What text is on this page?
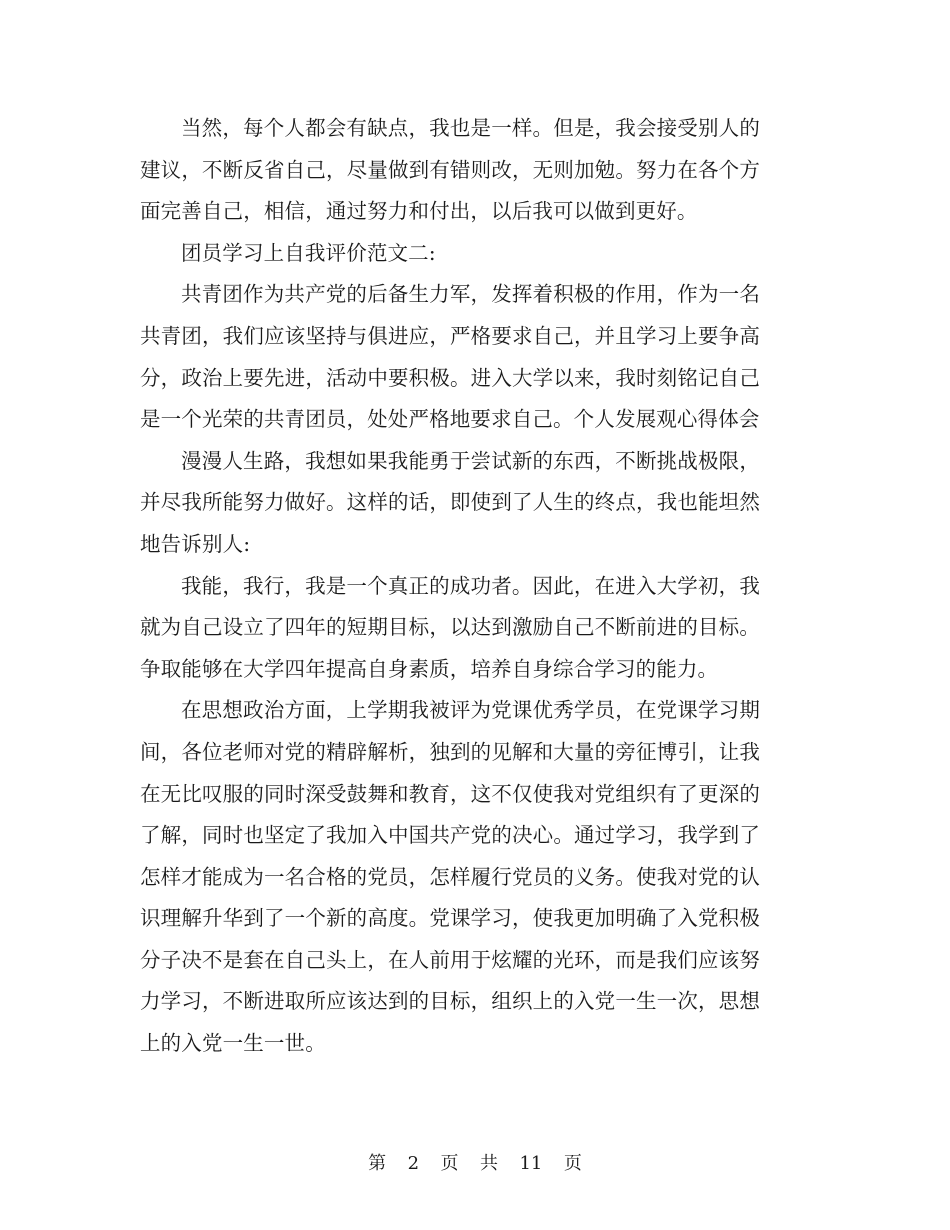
当然，每个人都会有缺点，我也是一样。但是，我会接受别人的建议，不断反省自己，尽量做到有错则改，无则加勉。努力在各个方面完善自己，相信，通过努力和付出，以后我可以做到更好。

团员学习上自我评价范文二:

共青团作为共产党的后备生力军，发挥着积极的作用，作为一名共青团，我们应该坚持与俱进应，严格要求自己，并且学习上要争高分，政治上要先进，活动中要积极。进入大学以来，我时刻铭记自己是一个光荣的共青团员，处处严格地要求自己。个人发展观心得体会

漫漫人生路，我想如果我能勇于尝试新的东西，不断挑战极限，并尽我所能努力做好。这样的话，即使到了人生的终点，我也能坦然地告诉别人:

我能，我行，我是一个真正的成功者。因此，在进入大学初，我就为自己设立了四年的短期目标，以达到激励自己不断前进的目标。争取能够在大学四年提高自身素质，培养自身综合学习的能力。

在思想政治方面，上学期我被评为党课优秀学员，在党课学习期间，各位老师对党的精辟解析，独到的见解和大量的旁征博引，让我在无比叹服的同时深受鼓舞和教育，这不仅使我对党组织有了更深的了解，同时也坚定了我加入中国共产党的决心。通过学习，我学到了怎样才能成为一名合格的党员，怎样履行党员的义务。使我对党的认识理解升华到了一个新的高度。党课学习，使我更加明确了入党积极分子决不是套在自己头上，在人前用于炫耀的光环，而是我们应该努力学习，不断进取所应该达到的目标，组织上的入党一生一次，思想上的入党一生一世。

第 2 页 共 11 页
